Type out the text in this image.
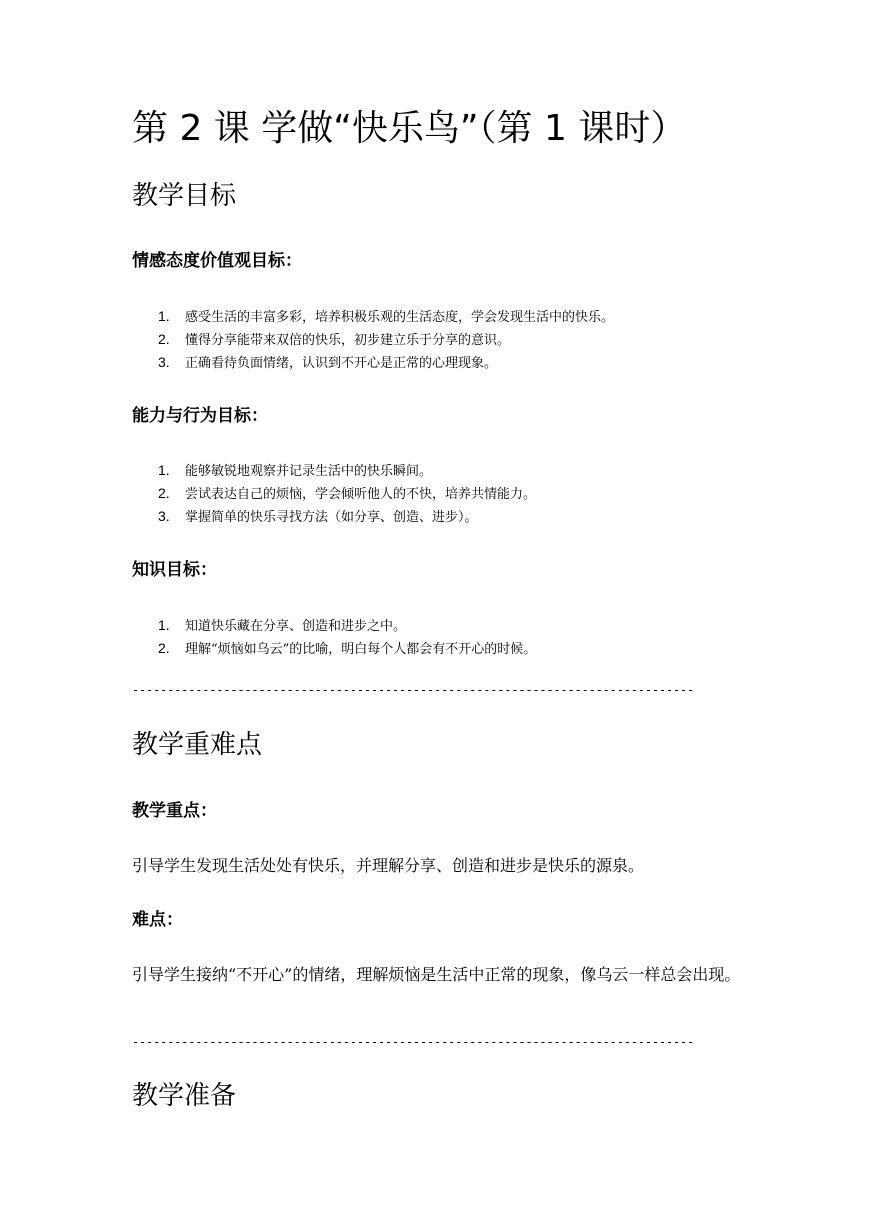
第 2 课 学做“快乐鸟”（第 1 课时）
教学目标
情感态度价值观目标：
1. 感受生活的丰富多彩，培养积极乐观的生活态度，学会发现生活中的快乐。
2. 懂得分享能带来双倍的快乐，初步建立乐于分享的意识。
3. 正确看待负面情绪，认识到不开心是正常的心理现象。
能力与行为目标：
1. 能够敏锐地观察并记录生活中的快乐瞬间。
2. 尝试表达自己的烦恼，学会倾听他人的不快，培养共情能力。
3. 掌握简单的快乐寻找方法（如分享、创造、进步）。
知识目标：
1. 知道快乐藏在分享、创造和进步之中。
2. 理解“烦恼如乌云”的比喻，明白每个人都会有不开心的时候。
--------------------------------------------------------------------------------
教学重难点
教学重点：
引导学生发现生活处处有快乐，并理解分享、创造和进步是快乐的源泉。
难点：
引导学生接纳“不开心”的情绪，理解烦恼是生活中正常的现象，像乌云一样总会出现。
--------------------------------------------------------------------------------
教学准备
